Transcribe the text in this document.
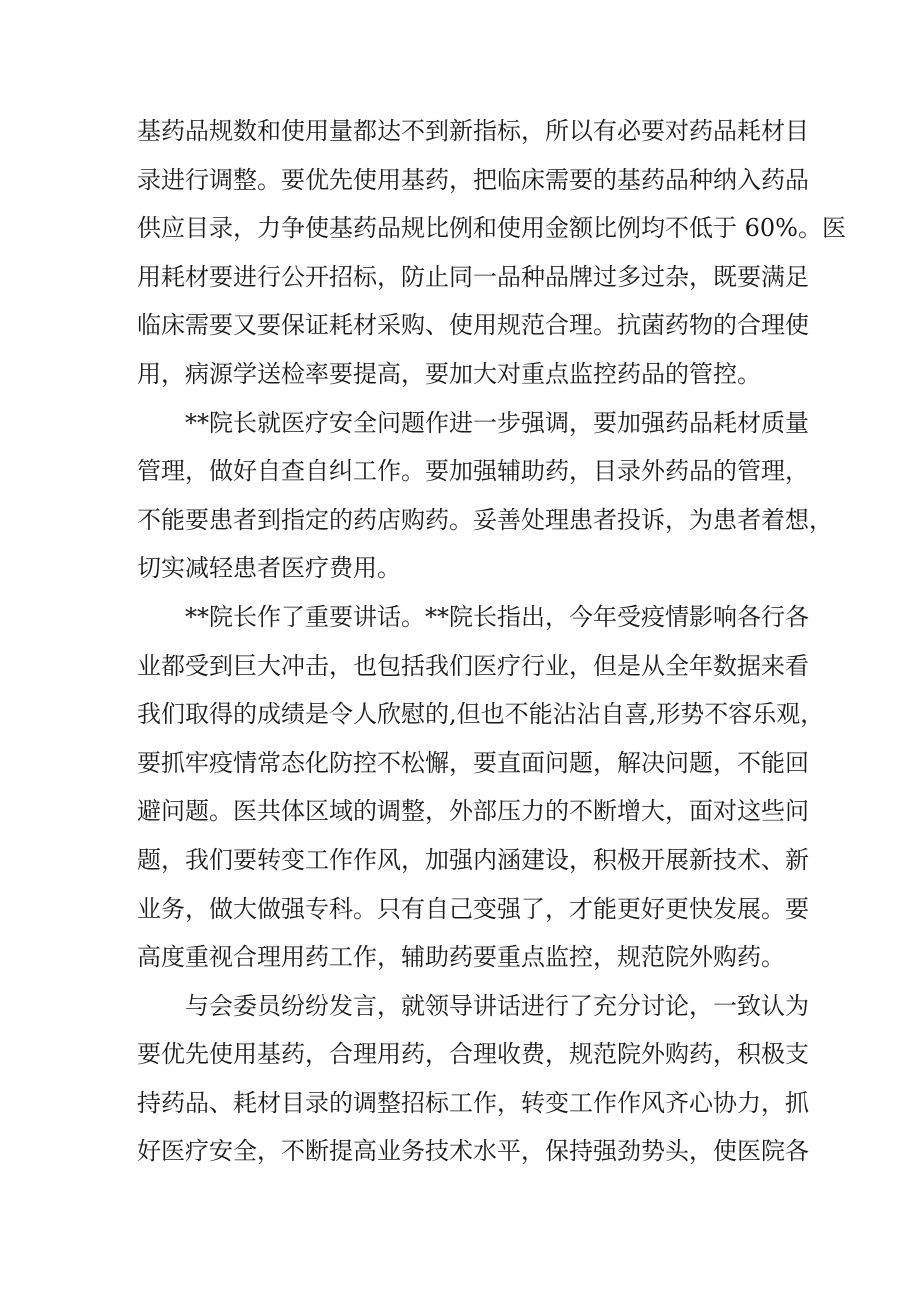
基药品规数和使用量都达不到新指标，所以有必要对药品耗材目
录进行调整。要优先使用基药，把临床需要的基药品种纳入药品
供应目录，力争使基药品规比例和使用金额比例均不低于 60%。医
用耗材要进行公开招标，防止同一品种品牌过多过杂，既要满足
临床需要又要保证耗材采购、使用规范合理。抗菌药物的合理使
用，病源学送检率要提高，要加大对重点监控药品的管控。
**院长就医疗安全问题作进一步强调，要加强药品耗材质量
管理，做好自查自纠工作。要加强辅助药，目录外药品的管理，
不能要患者到指定的药店购药。妥善处理患者投诉，为患者着想，
切实减轻患者医疗费用。
**院长作了重要讲话。**院长指出，今年受疫情影响各行各
业都受到巨大冲击，也包括我们医疗行业，但是从全年数据来看
我们取得的成绩是令人欣慰的,但也不能沾沾自喜,形势不容乐观，
要抓牢疫情常态化防控不松懈，要直面问题，解决问题，不能回
避问题。医共体区域的调整，外部压力的不断增大，面对这些问
题，我们要转变工作作风，加强内涵建设，积极开展新技术、新
业务，做大做强专科。只有自己变强了，才能更好更快发展。要
高度重视合理用药工作，辅助药要重点监控，规范院外购药。
与会委员纷纷发言，就领导讲话进行了充分讨论，一致认为
要优先使用基药，合理用药，合理收费，规范院外购药，积极支
持药品、耗材目录的调整招标工作，转变工作作风齐心协力，抓
好医疗安全，不断提高业务技术水平，保持强劲势头，使医院各
